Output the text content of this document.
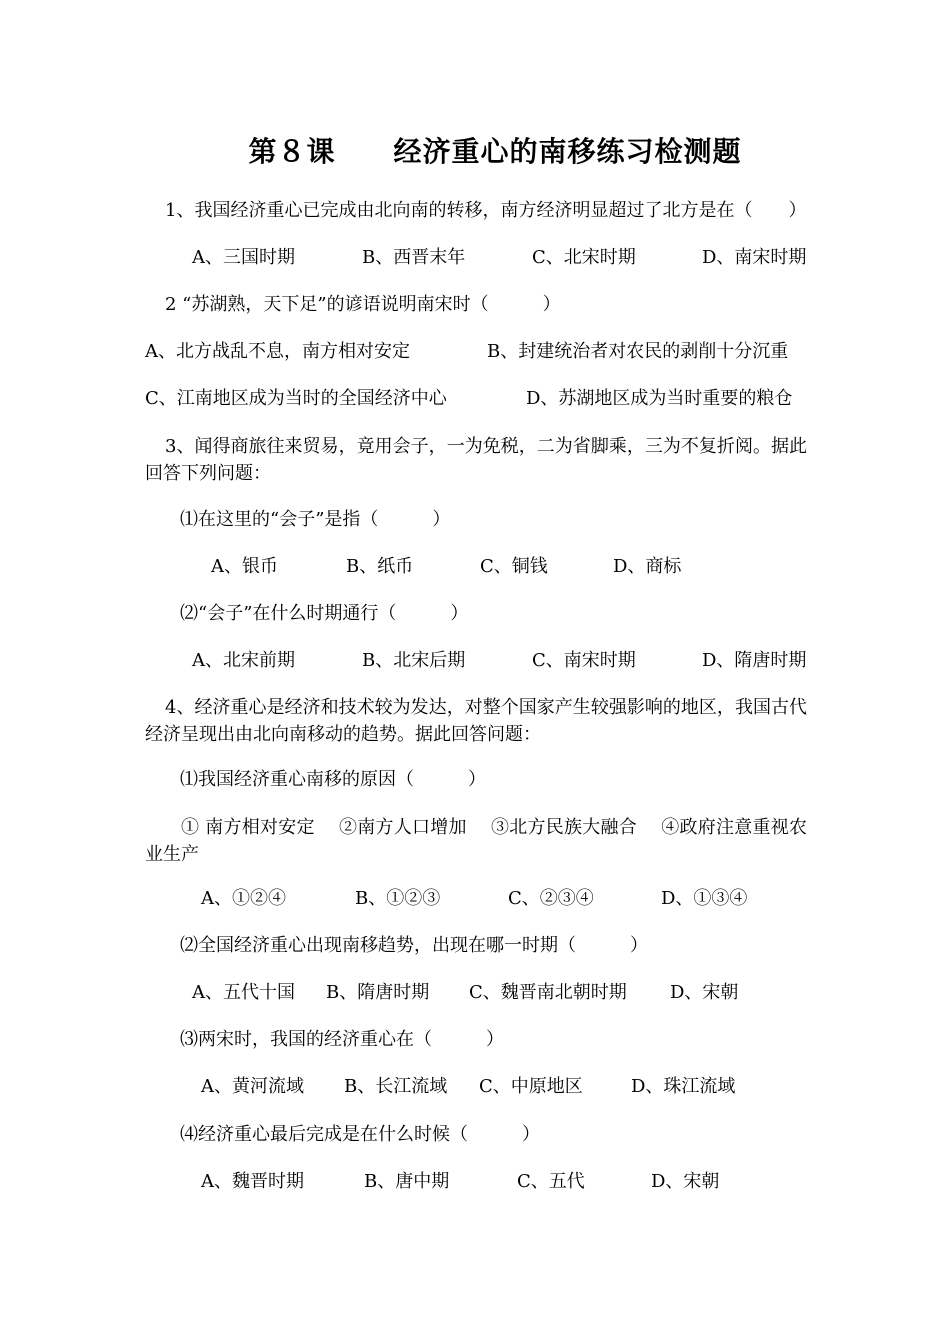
第８课　　经济重心的南移练习检测题
1、我国经济重心已完成由北向南的转移，南方经济明显超过了北方是在（　　）
A、三国时期	B、西晋末年	C、北宋时期	D、南宋时期
2 “苏湖熟，天下足”的谚语说明南宋时（　　　）
A、北方战乱不息，南方相对安定	B、封建统治者对农民的剥削十分沉重
C、江南地区成为当时的全国经济中心	D、苏湖地区成为当时重要的粮仓
3、闻得商旅往来贸易，竟用会子，一为免税，二为省脚乘，三为不复折阅。据此回答下列问题：
⑴在这里的“会子”是指（　　　）
A、银币	B、纸币	C、铜钱	D、商标
⑵“会子”在什么时期通行（　　　）
A、北宋前期	B、北宋后期	C、南宋时期	D、隋唐时期
4、经济重心是经济和技术较为发达，对整个国家产生较强影响的地区，我国古代经济呈现出由北向南移动的趋势。据此回答问题：
⑴我国经济重心南移的原因（　　　）
① 南方相对安定　 ②南方人口增加　 ③北方民族大融合　 ④政府注意重视农业生产
A、①②④	B、①②③	C、②③④	D、①③④
⑵全国经济重心出现南移趋势，出现在哪一时期（　　　）
A、五代十国 B、隋唐时期 C、魏晋南北朝时期 D、宋朝
⑶两宋时，我国的经济重心在（　　　）
A、黄河流域 B、长江流域 C、中原地区	D、珠江流域
⑷经济重心最后完成是在什么时候（　　　）
A、魏晋时期	B、唐中期	C、五代	D、宋朝
